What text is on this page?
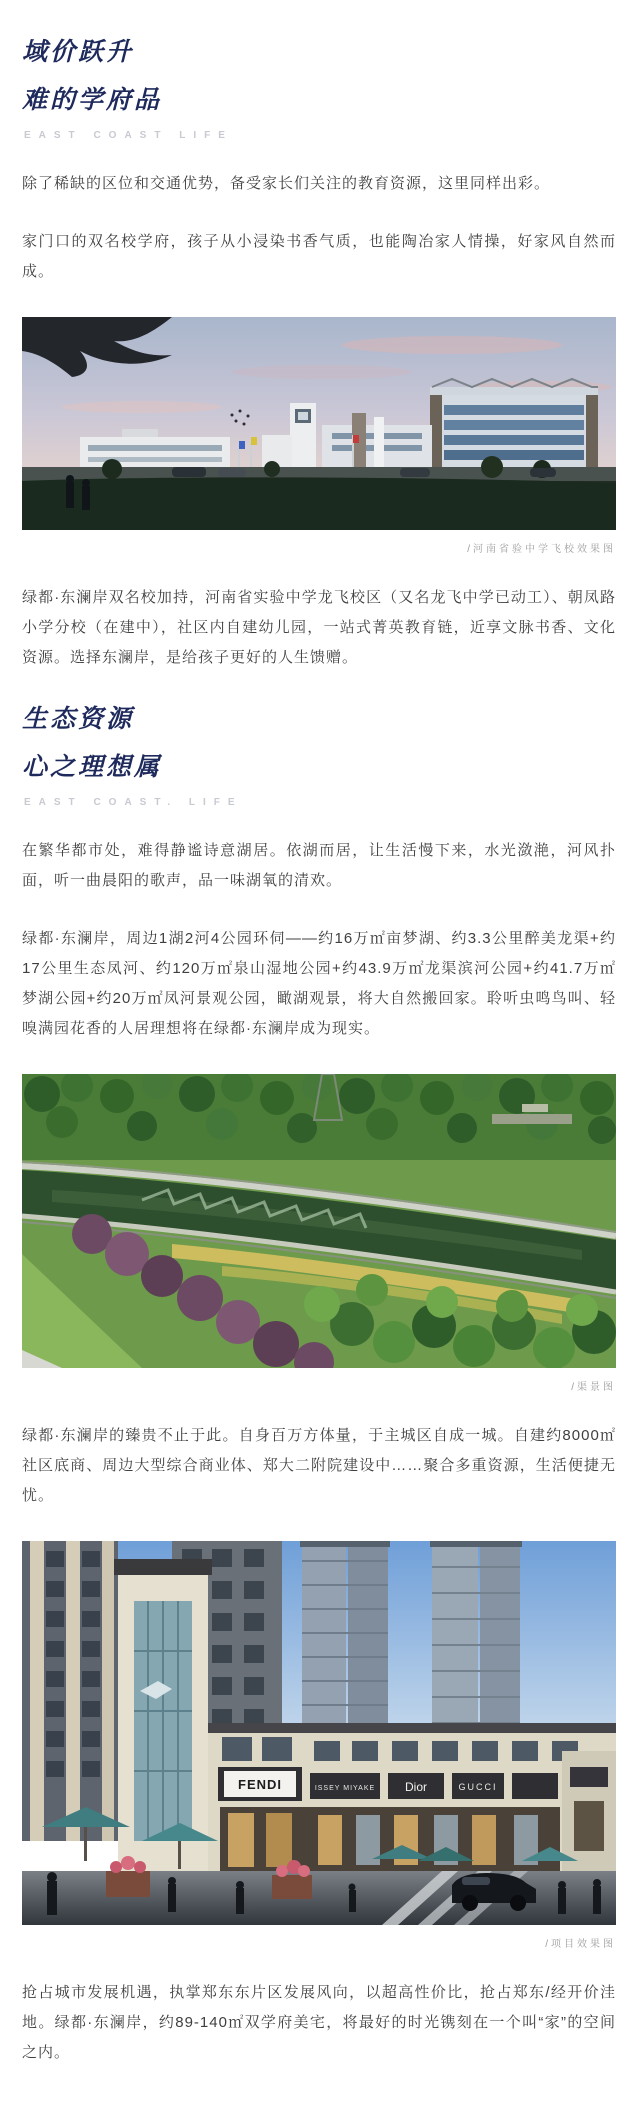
域价跃升
难的学府品
EAST COAST LIFE

除了稀缺的区位和交通优势，备受家长们关注的教育资源，这里同样出彩。

家门口的双名校学府，孩子从小浸染书香气质，也能陶冶家人情操，好家风自然而成。

/河南省验中学飞校效果图

绿都·东澜岸双名校加持，河南省实验中学龙飞校区（又名龙飞中学已动工）、朝凤路小学分校（在建中），社区内自建幼儿园，一站式菁英教育链，近享文脉书香、文化资源。选择东澜岸，是给孩子更好的人生馈赠。

生态资源
心之理想属
EAST COAST. LIFE

在繁华都市处，难得静谧诗意湖居。依湖而居，让生活慢下来，水光潋滟，河风扑面，听一曲晨阳的歌声，品一味湖氧的清欢。

绿都·东澜岸，周边1湖2河4公园环伺——约16万㎡亩梦湖、约3.3公里醉美龙渠+约17公里生态凤河、约120万㎡泉山湿地公园+约43.9万㎡龙渠滨河公园+约41.7万㎡梦湖公园+约20万㎡凤河景观公园，瞰湖观景，将大自然搬回家。聆听虫鸣鸟叫、轻嗅满园花香的人居理想将在绿都·东澜岸成为现实。

/渠景图

绿都·东澜岸的臻贵不止于此。自身百万方体量，于主城区自成一城。自建约8000㎡社区底商、周边大型综合商业体、郑大二附院建设中……聚合多重资源，生活便捷无忧。

FENDI	ISSEY MIYAKE Dior	GUCCI
/项目效果图

抢占城市发展机遇，执掌郑东东片区发展风向，以超高性价比，抢占郑东/经开价洼地。绿都·东澜岸，约89-140㎡双学府美宅，将最好的时光镌刻在一个叫“家”的空间之内。
